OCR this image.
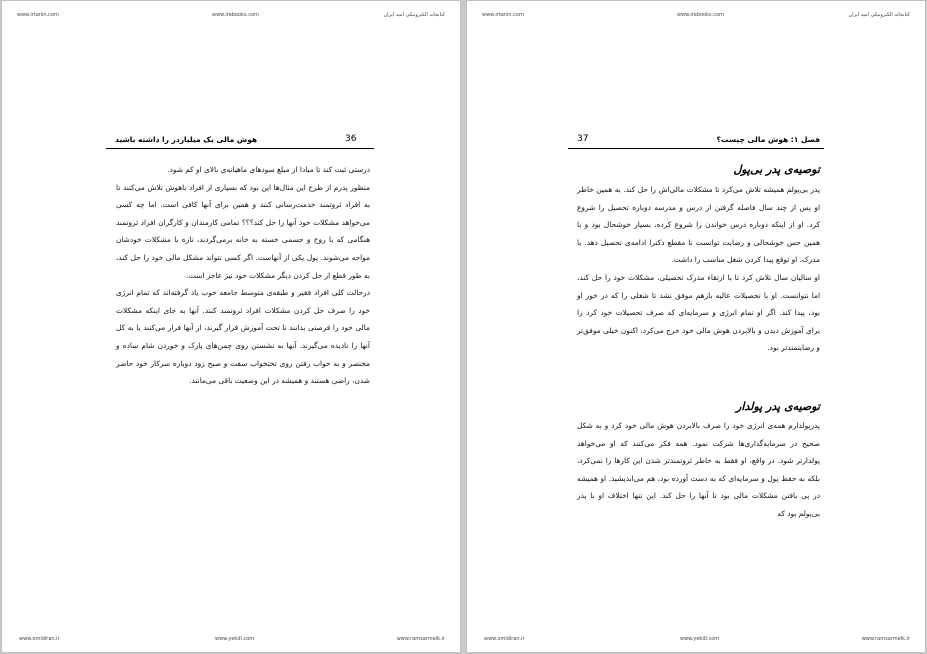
www.irtanin.com	www.irebooks.com	کتابخانه الکترونیکی امید ایران
هوش مالی یک میلیاردر را داشته باشید	36

درستی ثبت کند تا مبادا از مبلغ سودهای ماهیانه‌ی بالای او کم شود.

منظور پدرم از طرح این مثال‌ها این بود که بسیاری از افراد باهوش تلاش می‌کنند تا به افراد ثروتمند خدمت‌رسانی کنند و همین برای آنها کافی است. اما چه کسی می‌خواهد مشکلات خود آنها را حل کند؟؟؟ تمامی کارمندان و کارگران افراد ثروتمند هنگامی که با روح و جسمی خسته به خانه برمی‌گردند، تازه با مشکلات خودشان مواجه می‌شوند. پول یکی از آنهاست. اگر کسی نتواند مشکل مالی خود را حل کند، به طور قطع از حل کردن دیگر مشکلات خود نیز عاجز است.

درحالت کلی افراد فقیر و طبقه‌ی متوسط جامعه خوب یاد گرفته‌اند که تمام انرژی خود را صرف حل کردن مشکلات افراد ثروتمند کنند. آنها به جای اینکه مشکلات مالی خود را فرصتی بدانند تا تحت آموزش قرار گیرند، از آنها فرار می‌کنند یا به کل آنها را نادیده می‌گیرند. آنها به نشستن روی چمن‌های پارک و خوردن شام ساده و مختصر و به خواب رفتن روی تختخواب سفت و صبح زود دوباره سرکار خود حاضر شدن، راضی هستند و همیشه در این وضعیت باقی می‌مانند.

www.omidiran.ir	www.yekdl.com	www.ramsarmelk.ir
www.irtanin.com	www.irebooks.com	کتابخانه الکترونیکی امید ایران
37	فصل ۱: هوش مالی چیست؟
توصیه‌ی پدر بی‌پول

پدر بی‌پولم همیشه تلاش می‌کرد تا مشکلات مالی‌اش را حل کند. به همین خاطر او پس از چند سال فاصله گرفتن از درس و مدرسه دوباره تحصیل را شروع کرد. او از اینکه دوباره درس خواندن را شروع کرده، بسیار خوشحال بود و با همین حس خوشحالی و رضایت توانست تا مقطع دکترا ادامه‌ی تحصیل دهد. با مدرک، او توقع پیدا کردن شغل مناسب را داشت.

او سالیان سال تلاش کرد تا با ارتقاء مدرک تحصیلی، مشکلات خود را حل کند، اما نتوانست. او با تحصیلات عالیه بازهم موفق نشد تا شغلی را که در خور او بود، پیدا کند. اگر او تمام انرژی و سرمایه‌ای که صرف تحصیلات خود کرد را برای آموزش دیدن و بالابردن هوش مالی خود خرج می‌کرد، اکنون خیلی موفق‌تر و رضایتمندتر بود.

توصیه‌ی پدر پولدار

پدرپولدارم همه‌ی انرژی خود را صرف بالابردن هوش مالی خود کرد و به شکل صحیح در سرمایه‌گذاری‌ها شرکت نمود. همه فکر می‌کنند که او می‌خواهد پولدارتر شود. در واقع، او فقط به خاطر ثروتمندتر شدن این کارها را نمی‌کرد، بلکه به حفظ پول و سرمایه‌ای که به دست آورده بود، هم می‌اندیشید. او همیشه در پی یافتن مشکلات مالی بود تا آنها را حل کند. این تنها اختلاف او با پدر بی‌پولم بود که

www.omidiran.ir	www.yekdl.com	www.ramsarmelk.ir
